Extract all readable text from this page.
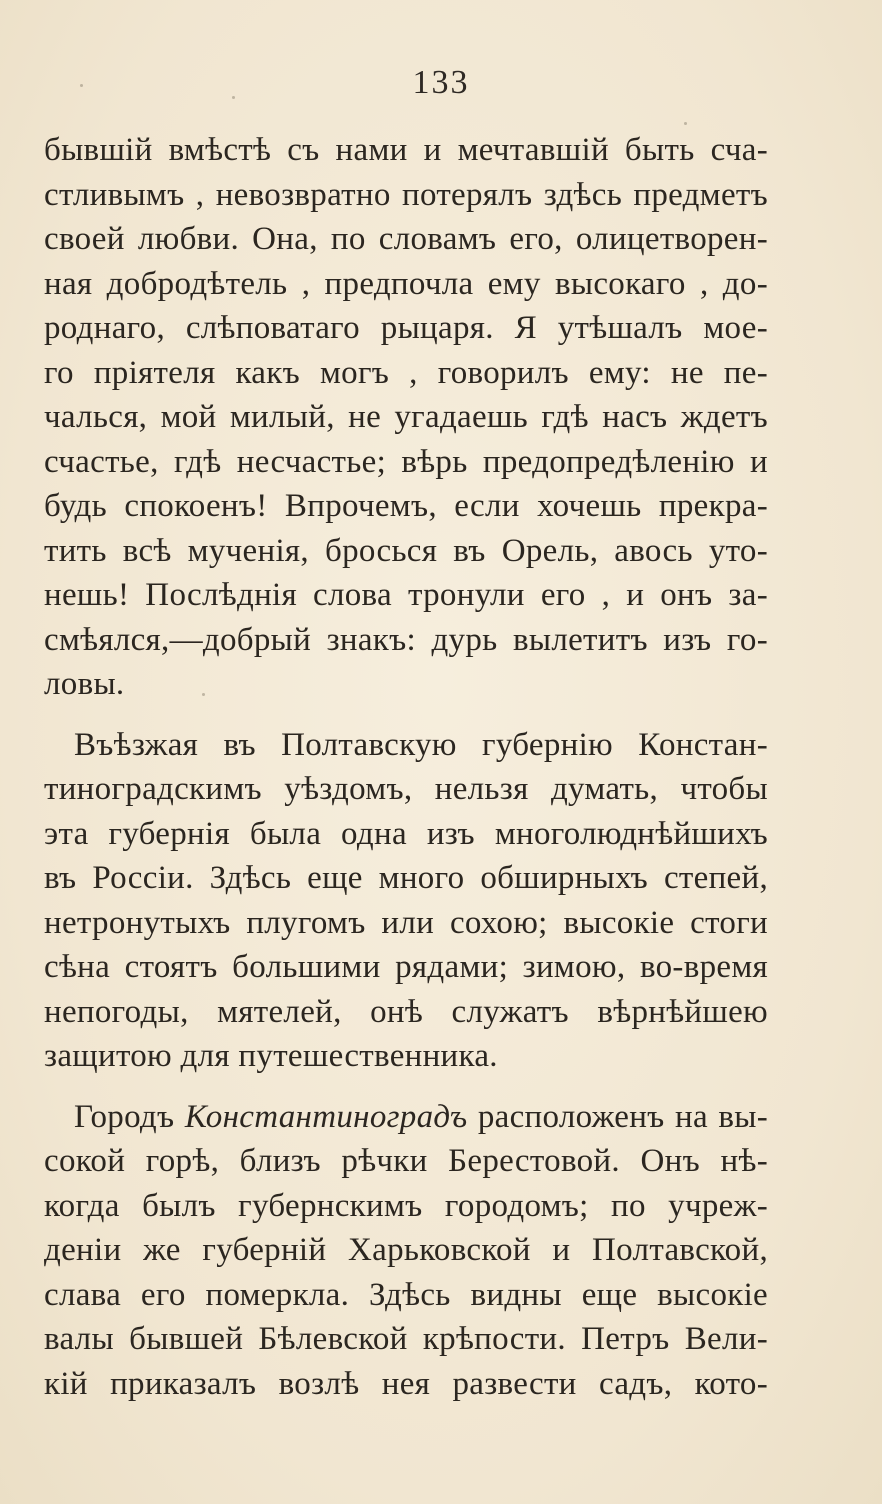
133
бывшій вмѣстѣ съ нами и мечтавшій быть сча-
стливымъ , невозвратно потерялъ здѣсь предметъ
своей любви. Она, по словамъ его, олицетворен-
ная добродѣтель , предпочла ему высокаго , до-
роднаго, слѣповатаго рыцаря. Я утѣшалъ мое-
го пріятеля какъ могъ , говорилъ ему: не пе-
чалься, мой милый, не угадаешь гдѣ насъ ждетъ
счастье, гдѣ несчастье; вѣрь предопредѣленію и
будь спокоенъ! Впрочемъ, если хочешь прекра-
тить всѣ мученія, бросься въ Орель, авось уто-
нешь! Послѣднія слова тронули его , и онъ за-
смѣялся,—добрый знакъ: дурь вылетитъ изъ го-
ловы.
Въѣзжая въ Полтавскую губернію Констан-
тиноградскимъ уѣздомъ, нельзя думать, чтобы
эта губернія была одна изъ многолюднѣйшихъ
въ Россіи. Здѣсь еще много обширныхъ степей,
нетронутыхъ плугомъ или сохою; высокіе стоги
сѣна стоятъ большими рядами; зимою, во-время
непогоды, мятелей, онѣ служатъ вѣрнѣйшею
защитою для путешественника.
Городъ Константиноградъ расположенъ на вы-
сокой горѣ, близъ рѣчки Берестовой. Онъ нѣ-
когда былъ губернскимъ городомъ; по учреж-
деніи же губерній Харьковской и Полтавской,
слава его померкла. Здѣсь видны еще высокіе
валы бывшей Бѣлевской крѣпости. Петръ Вели-
кій приказалъ возлѣ нея развести садъ, кото-
